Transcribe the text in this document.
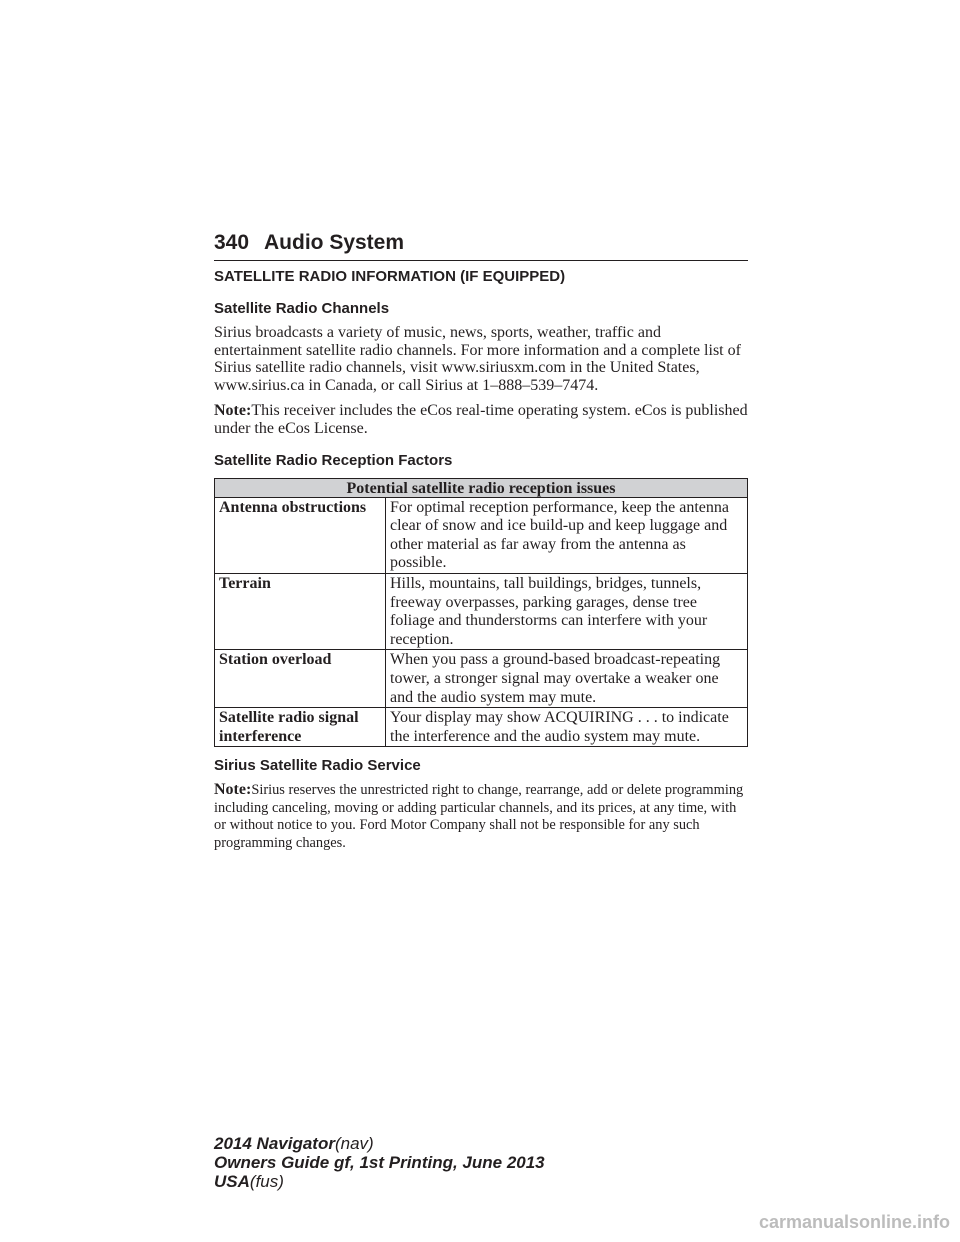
340 Audio System
SATELLITE RADIO INFORMATION (IF EQUIPPED)
Satellite Radio Channels

Sirius broadcasts a variety of music, news, sports, weather, traffic and entertainment satellite radio channels. For more information and a complete list of Sirius satellite radio channels, visit www.siriusxm.com in the United States, www.sirius.ca in Canada, or call Sirius at 1–888–539–7474.

Note:This receiver includes the eCos real-time operating system. eCos is published under the eCos License.

Satellite Radio Reception Factors
Potential satellite radio reception issues	
Antenna obstructions	For optimal reception performance, keep the antenna clear of snow and ice build-up and keep luggage and other material as far away from the antenna as possible.
Terrain	Hills, mountains, tall buildings, bridges, tunnels, freeway overpasses, parking garages, dense tree foliage and thunderstorms can interfere with your reception.
Station overload	When you pass a ground-based broadcast-repeating tower, a stronger signal may overtake a weaker one and the audio system may mute.
Satellite radio signal interference	Your display may show ACQUIRING . . . to indicate the interference and the audio system may mute.
Sirius Satellite Radio Service

Note:Sirius reserves the unrestricted right to change, rearrange, add or delete programming including canceling, moving or adding particular channels, and its prices, at any time, with or without notice to you. Ford Motor Company shall not be responsible for any such programming changes.

2014 Navigator(nav)
Owners Guide gf, 1st Printing, June 2013
USA(fus)
carmanualsonline.info
